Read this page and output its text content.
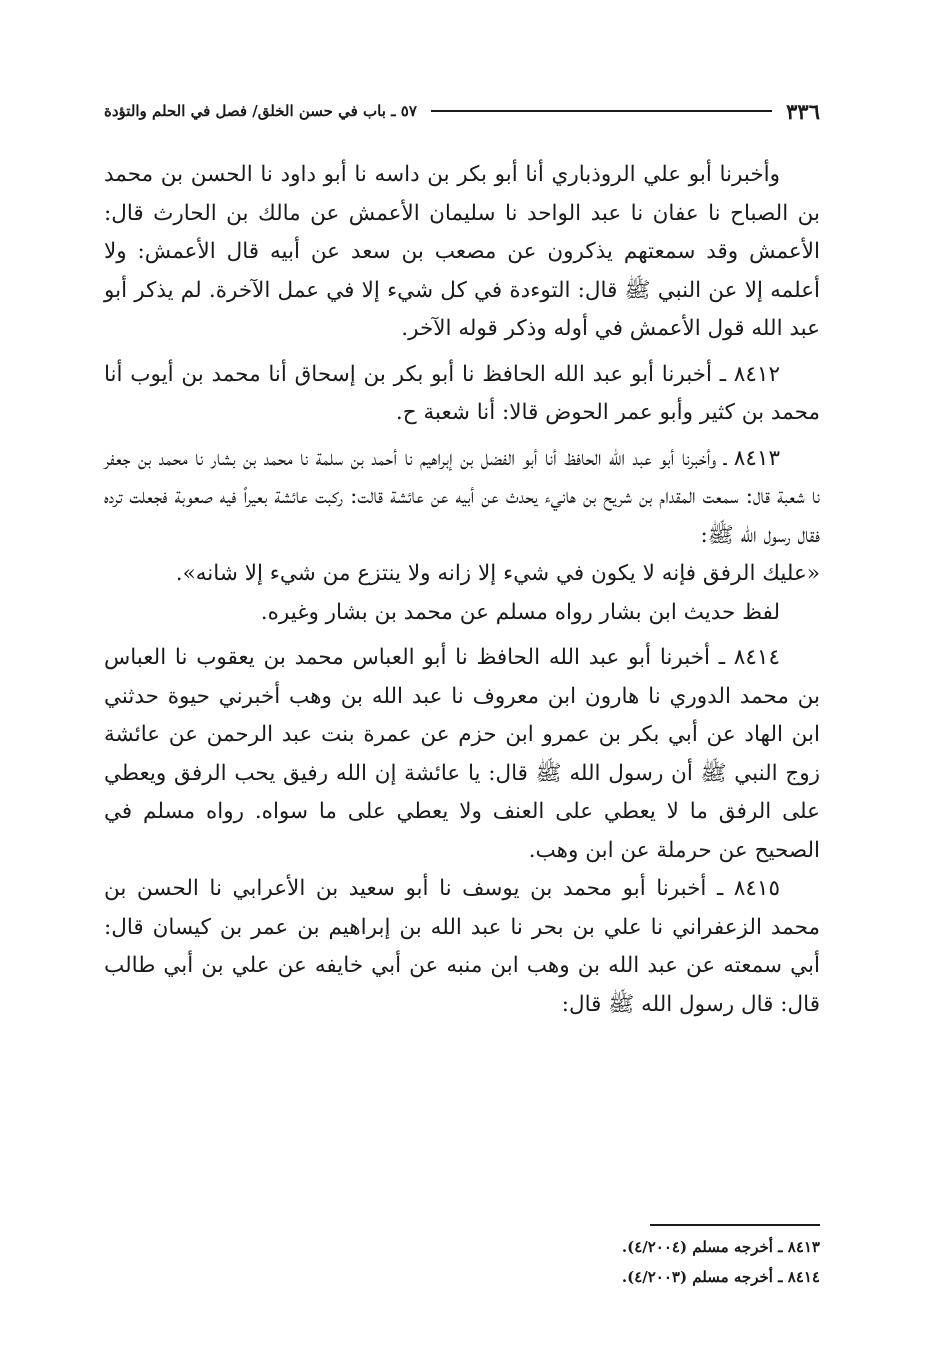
٣٣٦
٥٧ ـ باب في حسن الخلق/ فصل في الحلم والتؤدة

وأخبرنا أبو علي الروذباري أنا أبو بكر بن داسه نا أبو داود نا الحسن بن محمد بن الصباح نا عفان نا عبد الواحد نا سليمان الأعمش عن مالك بن الحارث قال: الأعمش وقد سمعتهم يذكرون عن مصعب بن سعد عن أبيه قال الأعمش: ولا أعلمه إلا عن النبي ﷺ قال: التوءدة في كل شيء إلا في عمل الآخرة. لم يذكر أبو عبد الله قول الأعمش في أوله وذكر قوله الآخر.

٨٤١٢ ـ أخبرنا أبو عبد الله الحافظ نا أبو بكر بن إسحاق أنا محمد بن أيوب أنا محمد بن كثير وأبو عمر الحوض قالا: أنا شعبة ح.

٨٤١٣ ـ وأخبرنا أبو عبد الله الحافظ أنا أبو الفضل بن إبراهيم نا أحمد بن سلمة نا محمد بن بشار نا محمد بن جعفر نا شعبة قال: سمعت المقدام بن شريح بن هانيء يحدث عن أبيه عن عائشة قالت: ركبت عائشة بعيراً فيه صعوبة فجعلت ترده فقال رسول الله ﷺ:

«عليك الرفق فإنه لا يكون في شيء إلا زانه ولا ينتزع من شيء إلا شانه».

لفظ حديث ابن بشار رواه مسلم عن محمد بن بشار وغيره.

٨٤١٤ ـ أخبرنا أبو عبد الله الحافظ نا أبو العباس محمد بن يعقوب نا العباس بن محمد الدوري نا هارون ابن معروف نا عبد الله بن وهب أخبرني حيوة حدثني ابن الهاد عن أبي بكر بن عمرو ابن حزم عن عمرة بنت عبد الرحمن عن عائشة زوج النبي ﷺ أن رسول الله ﷺ قال: يا عائشة إن الله رفيق يحب الرفق ويعطي على الرفق ما لا يعطي على العنف ولا يعطي على ما سواه. رواه مسلم في الصحيح عن حرملة عن ابن وهب.

٨٤١٥ ـ أخبرنا أبو محمد بن يوسف نا أبو سعيد بن الأعرابي نا الحسن بن محمد الزعفراني نا علي بن بحر نا عبد الله بن إبراهيم بن عمر بن كيسان قال: أبي سمعته عن عبد الله بن وهب ابن منبه عن أبي خايفه عن علي بن أبي طالب قال: قال رسول الله ﷺ قال:

٨٤١٣ ـ أخرجه مسلم (٤/٢٠٠٤).

٨٤١٤ ـ أخرجه مسلم (٤/٢٠٠٣).
